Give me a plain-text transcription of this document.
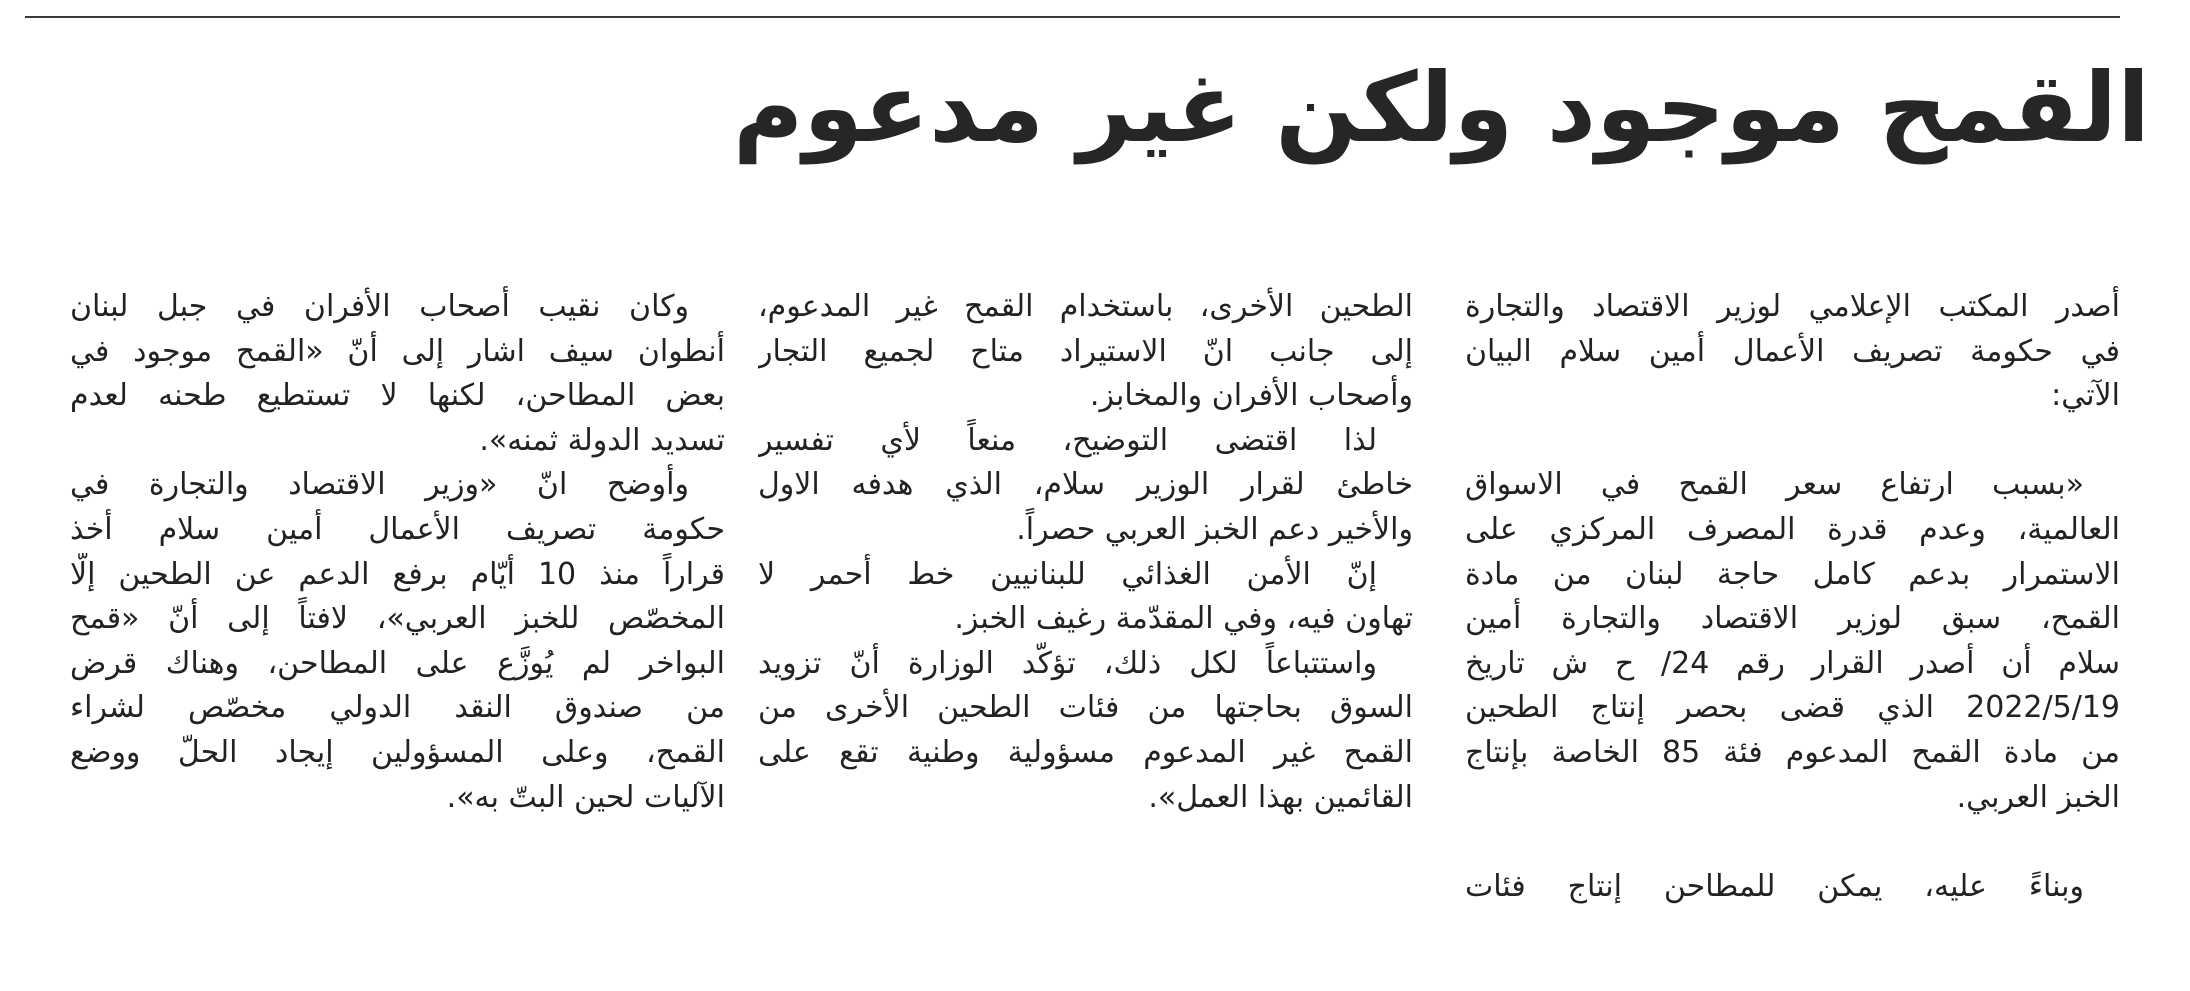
القمح موجود ولكن غير مدعوم
أصدر المكتب الإعلامي لوزير الاقتصاد والتجارة
في حكومة تصريف الأعمال أمين سلام البيان
الآتي:
«بسبب ارتفاع سعر القمح في الاسواق
العالمية، وعدم قدرة المصرف المركزي على
الاستمرار بدعم كامل حاجة لبنان من مادة
القمح، سبق لوزير الاقتصاد والتجارة أمين
سلام أن أصدر القرار رقم 24/ ح ش تاريخ
2022/5/19 الذي قضى بحصر إنتاج الطحين
من مادة القمح المدعوم فئة 85 الخاصة بإنتاج
الخبز العربي.
وبناءً عليه، يمكن للمطاحن إنتاج فئات
الطحين الأخرى، باستخدام القمح غير المدعوم،
إلى جانب انّ الاستيراد متاح لجميع التجار
وأصحاب الأفران والمخابز.
لذا اقتضى التوضيح، منعاً لأي تفسير
خاطئ لقرار الوزير سلام، الذي هدفه الاول
والأخير دعم الخبز العربي حصراً.
إنّ الأمن الغذائي للبنانيين خط أحمر لا
تهاون فيه، وفي المقدّمة رغيف الخبز.
واستتباعاً لكل ذلك، تؤكّد الوزارة أنّ تزويد
السوق بحاجتها من فئات الطحين الأخرى من
القمح غير المدعوم مسؤولية وطنية تقع على
القائمين بهذا العمل».
وكان نقيب أصحاب الأفران في جبل لبنان
أنطوان سيف اشار إلى أنّ «القمح موجود في
بعض المطاحن، لكنها لا تستطيع طحنه لعدم
تسديد الدولة ثمنه».
وأوضح انّ «وزير الاقتصاد والتجارة في
حكومة تصريف الأعمال أمين سلام أخذ
قراراً منذ 10 أيّام برفع الدعم عن الطحين إلّا
المخصّص للخبز العربي»، لافتاً إلى أنّ «قمح
البواخر لم يُوزَّع على المطاحن، وهناك قرض
من صندوق النقد الدولي مخصّص لشراء
القمح، وعلى المسؤولين إيجاد الحلّ ووضع
الآليات لحين البتّ به».
